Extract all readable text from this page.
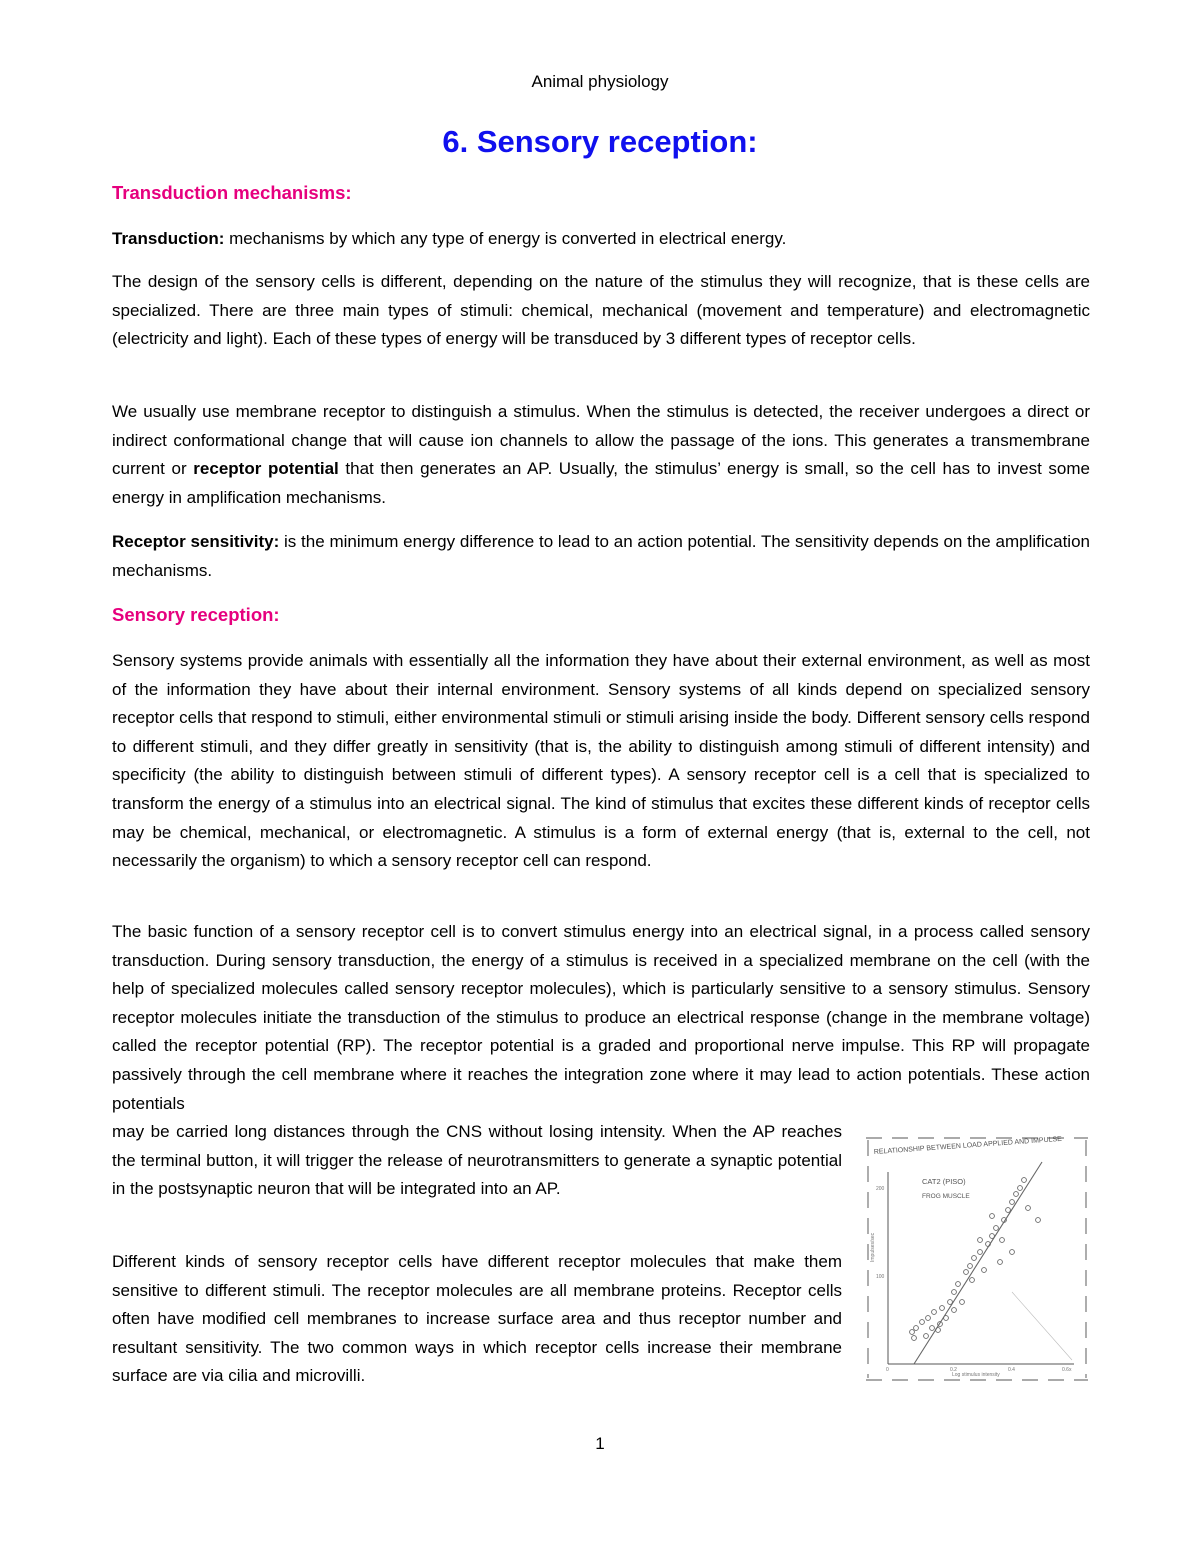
Animal physiology
6. Sensory reception:
Transduction mechanisms:

Transduction: mechanisms by which any type of energy is converted in electrical energy.

The design of the sensory cells is different, depending on the nature of the stimulus they will recognize, that is these cells are specialized. There are three main types of stimuli: chemical, mechanical (movement and temperature) and electromagnetic (electricity and light). Each of these types of energy will be transduced by 3 different types of receptor cells.

We usually use membrane receptor to distinguish a stimulus. When the stimulus is detected, the receiver undergoes a direct or indirect conformational change that will cause ion channels to allow the passage of the ions. This generates a transmembrane current or receptor potential that then generates an AP. Usually, the stimulus’ energy is small, so the cell has to invest some energy in amplification mechanisms.

Receptor sensitivity: is the minimum energy difference to lead to an action potential. The sensitivity depends on the amplification mechanisms.

Sensory reception:

Sensory systems provide animals with essentially all the information they have about their external environment, as well as most of the information they have about their internal environment. Sensory systems of all kinds depend on specialized sensory receptor cells that respond to stimuli, either environmental stimuli or stimuli arising inside the body. Different sensory cells respond to different stimuli, and they differ greatly in sensitivity (that is, the ability to distinguish among stimuli of different intensity) and specificity (the ability to distinguish between stimuli of different types). A sensory receptor cell is a cell that is specialized to transform the energy of a stimulus into an electrical signal. The kind of stimulus that excites these different kinds of receptor cells may be chemical, mechanical, or electromagnetic. A stimulus is a form of external energy (that is, external to the cell, not necessarily the organism) to which a sensory receptor cell can respond.

The basic function of a sensory receptor cell is to convert stimulus energy into an electrical signal, in a process called sensory transduction. During sensory transduction, the energy of a stimulus is received in a specialized membrane on the cell (with the help of specialized molecules called sensory receptor molecules), which is particularly sensitive to a sensory stimulus. Sensory receptor molecules initiate the transduction of the stimulus to produce an electrical response (change in the membrane voltage) called the receptor potential (RP). The receptor potential is a graded and proportional nerve impulse. This RP will propagate passively through the cell membrane where it reaches the integration zone where it may lead to action potentials. These action potentials

may be carried long distances through the CNS without losing intensity. When the AP reaches the terminal button, it will trigger the release of neurotransmitters to generate a synaptic potential in the postsynaptic neuron that will be integrated into an AP.

Different kinds of sensory receptor cells have different receptor molecules that make them sensitive to different stimuli. The receptor molecules are all membrane proteins. Receptor cells often have modified cell membranes to increase surface area and thus receptor number and resultant sensitivity. The two common ways in which receptor cells increase their membrane surface are via cilia and microvilli.

RELATIONSHIP BETWEEN LOAD APPLIED AND IMPULSE
CAT2 (PISO)
FROG MUSCLE
Impulses/sec
Log stimulus intensity
200
100
0	0.2	0.4	0.6x
1
